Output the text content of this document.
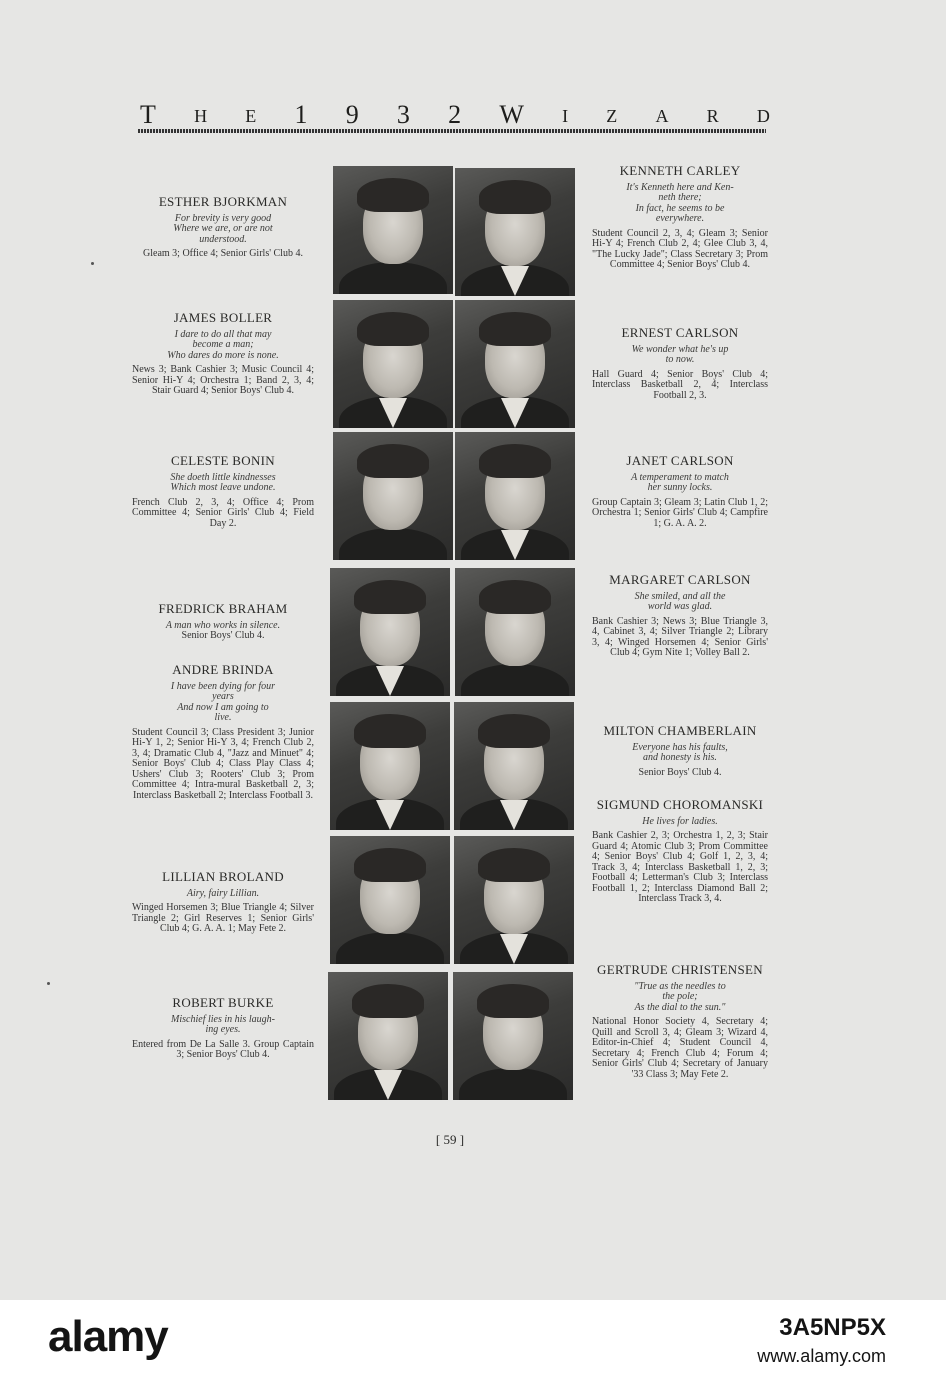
T H E 1 9 3 2 W I Z A R D
ESTHER BJORKMAN
For brevity is very good
Where we are, or are not
understood.
Gleam 3; Office 4; Senior Girls' Club 4.
JAMES BOLLER
I dare to do all that may
become a man;
Who dares do more is none.
News 3; Bank Cashier 3; Music Council 4; Senior Hi-Y 4; Orchestra 1; Band 2, 3, 4; Stair Guard 4; Senior Boys' Club 4.
CELESTE BONIN
She doeth little kindnesses
Which most leave undone.
French Club 2, 3, 4; Office 4; Prom Committee 4; Senior Girls' Club 4; Field Day 2.
FREDRICK BRAHAM
A man who works in silence.
Senior Boys' Club 4.
ANDRE BRINDA
I have been dying for four
years
And now I am going to
live.
Student Council 3; Class President 3; Junior Hi-Y 1, 2; Senior Hi-Y 3, 4; French Club 2, 3, 4; Dramatic Club 4, "Jazz and Minuet" 4; Senior Boys' Club 4; Class Play Class 4; Ushers' Club 3; Rooters' Club 3; Prom Committee 4; Intra-mural Basketball 2, 3; Interclass Basketball 2; Interclass Football 3.
LILLIAN BROLAND
Airy, fairy Lillian.
Winged Horsemen 3; Blue Triangle 4; Silver Triangle 2; Girl Reserves 1; Senior Girls' Club 4; G. A. A. 1; May Fete 2.
ROBERT BURKE
Mischief lies in his laugh-
ing eyes.
Entered from De La Salle 3. Group Captain 3; Senior Boys' Club 4.
KENNETH CARLEY
It's Kenneth here and Ken-
neth there;
In fact, he seems to be
everywhere.
Student Council 2, 3, 4; Gleam 3; Senior Hi-Y 4; French Club 2, 4; Glee Club 3, 4, "The Lucky Jade"; Class Secretary 3; Prom Committee 4; Senior Boys' Club 4.
ERNEST CARLSON
We wonder what he's up
to now.
Hall Guard 4; Senior Boys' Club 4; Interclass Basketball 2, 4; Interclass Football 2, 3.
JANET CARLSON
A temperament to match
her sunny locks.
Group Captain 3; Gleam 3; Latin Club 1, 2; Orchestra 1; Senior Girls' Club 4; Campfire 1; G. A. A. 2.
MARGARET CARLSON
She smiled, and all the
world was glad.
Bank Cashier 3; News 3; Blue Triangle 3, 4, Cabinet 3, 4; Silver Triangle 2; Library 3, 4; Winged Horsemen 4; Senior Girls' Club 4; Gym Nite 1; Volley Ball 2.
MILTON CHAMBERLAIN
Everyone has his faults,
and honesty is his.
Senior Boys' Club 4.
SIGMUND CHOROMANSKI
He lives for ladies.
Bank Cashier 2, 3; Orchestra 1, 2, 3; Stair Guard 4; Atomic Club 3; Prom Committee 4; Senior Boys' Club 4; Golf 1, 2, 3, 4; Track 3, 4; Interclass Basketball 1, 2, 3; Football 4; Letterman's Club 3; Interclass Football 1, 2; Interclass Diamond Ball 2; Interclass Track 3, 4.
GERTRUDE CHRISTENSEN
"True as the needles to
the pole;
As the dial to the sun."
National Honor Society 4, Secretary 4; Quill and Scroll 3, 4; Gleam 3; Wizard 4, Editor-in-Chief 4; Student Council 4, Secretary 4; French Club 4; Forum 4; Senior Girls' Club 4; Secretary of January '33 Class 3; May Fete 2.
[ 59 ]
alamy	3A5NP5X
www.alamy.com
